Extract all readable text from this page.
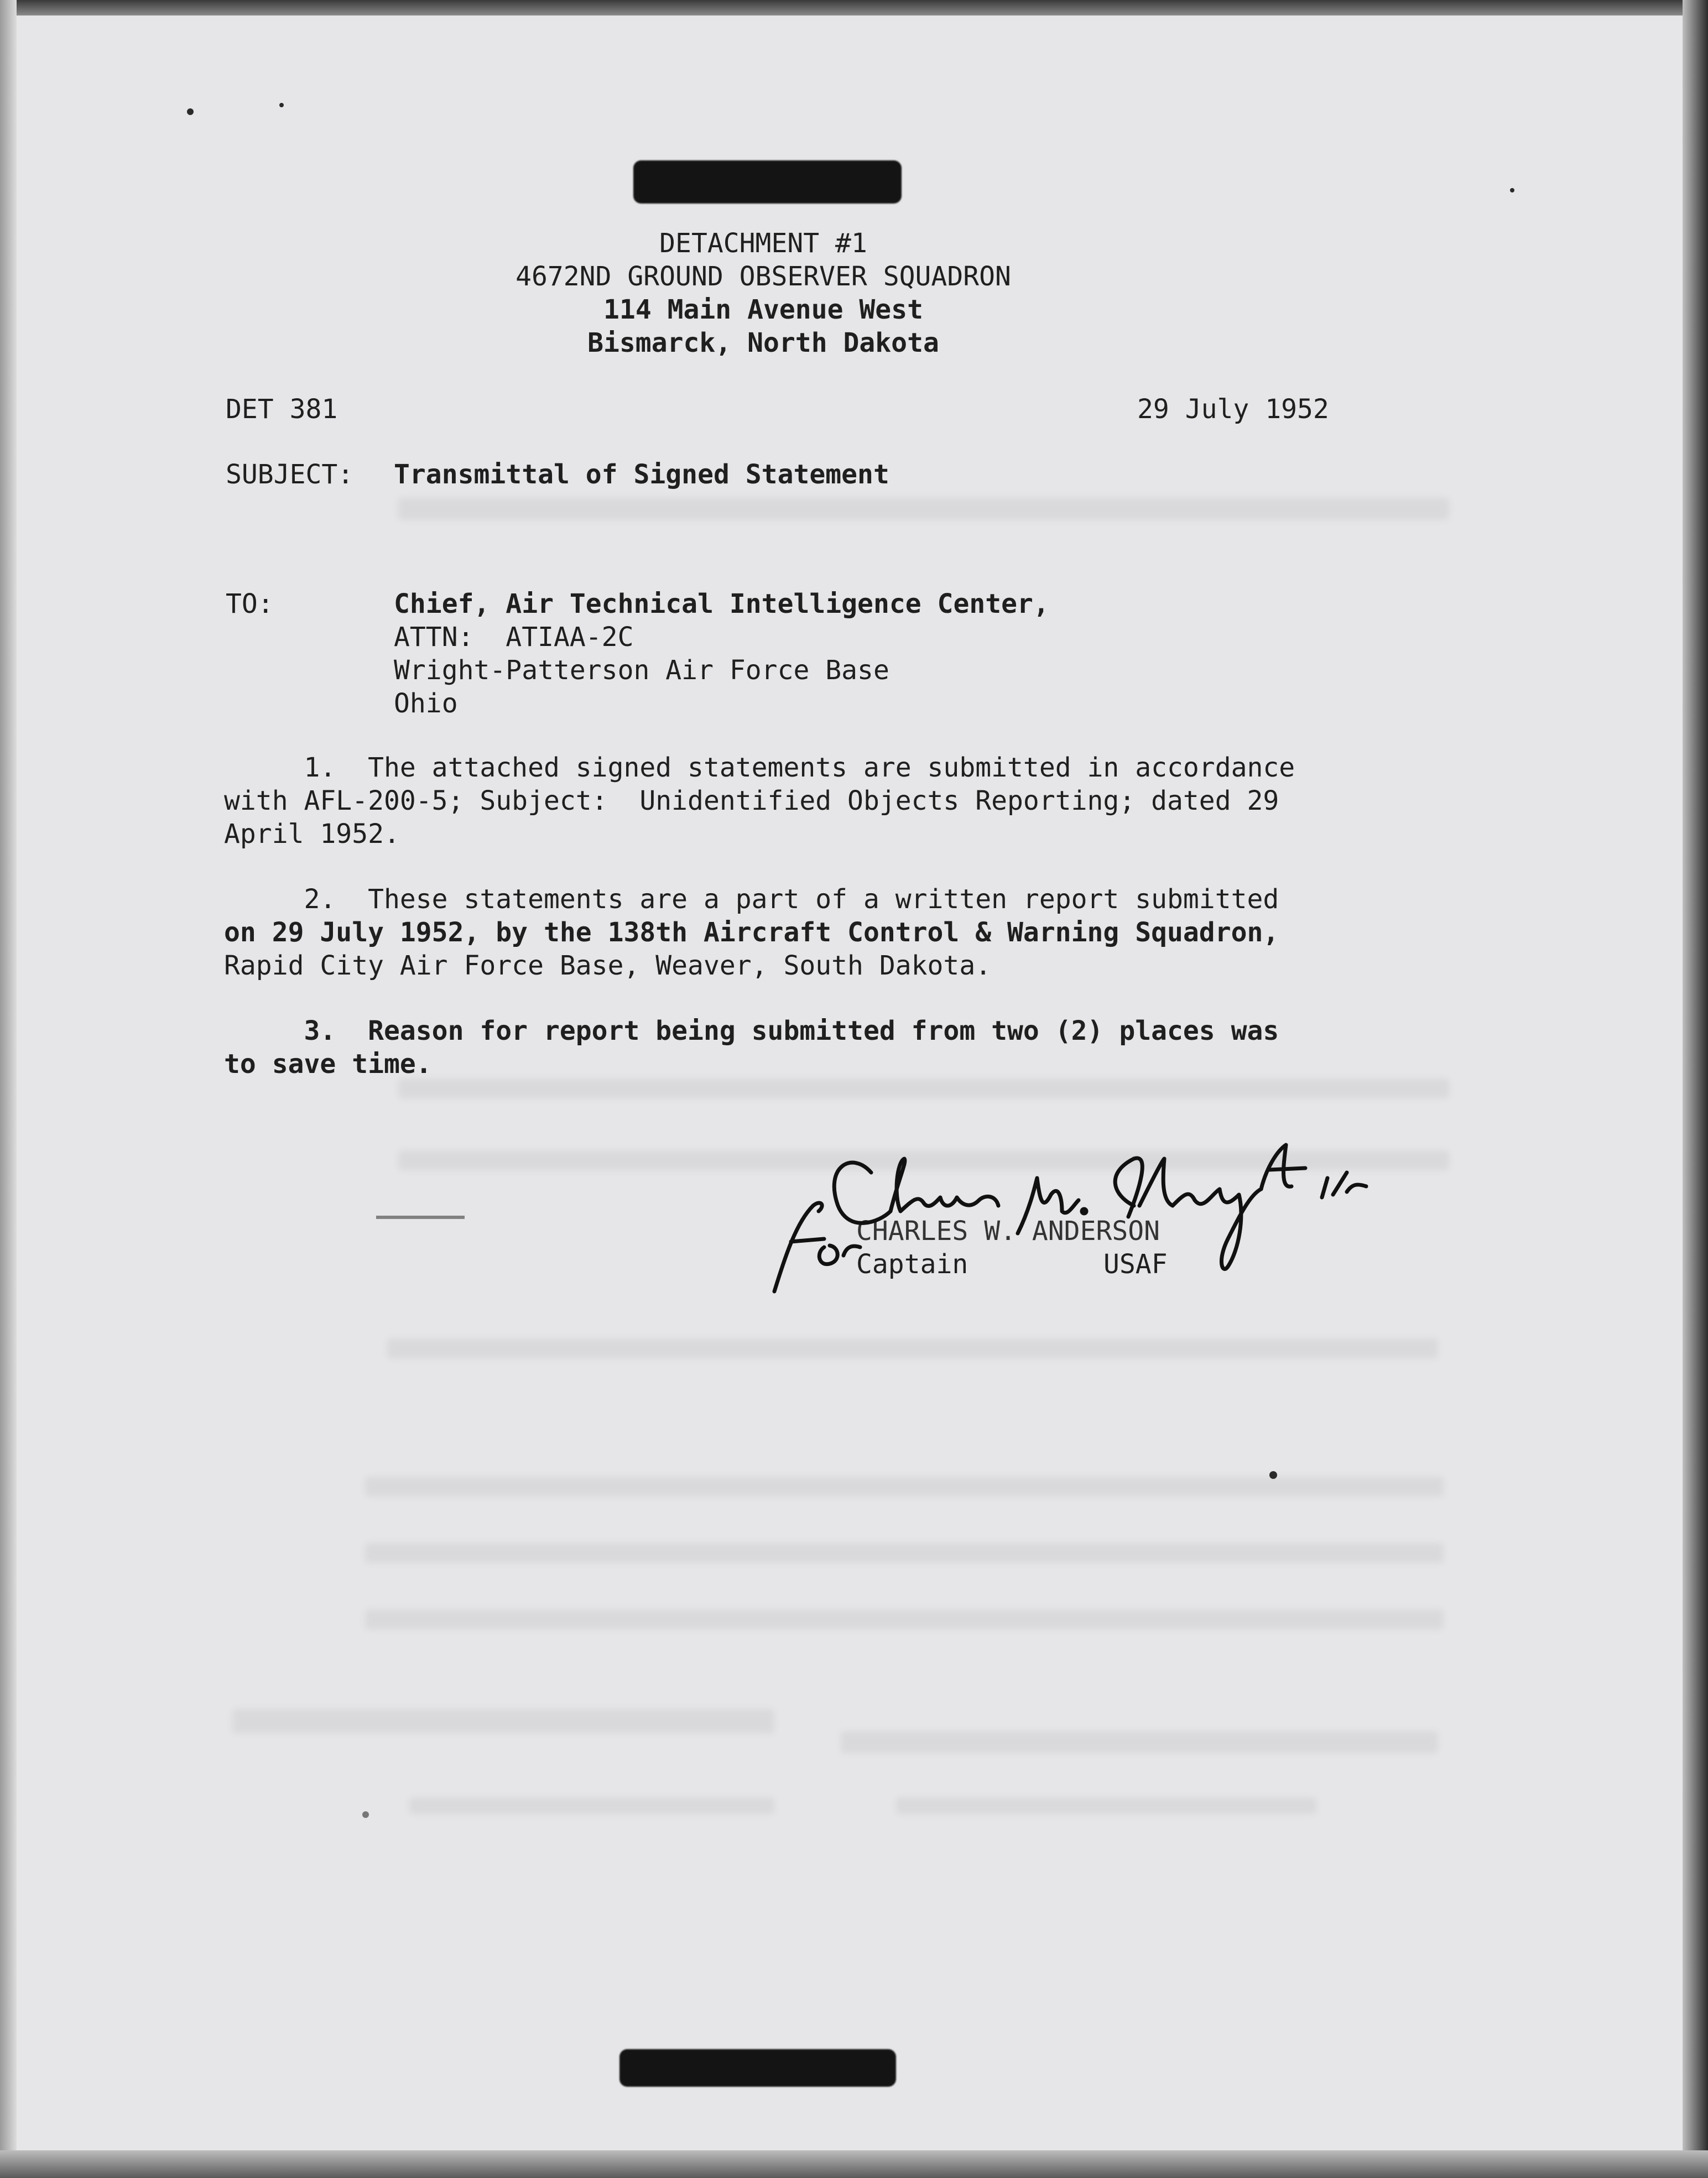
DETACHMENT #1
4672ND GROUND OBSERVER SQUADRON
114 Main Avenue West
Bismarck, North Dakota
DET 381	29 July 1952
SUBJECT: Transmittal of Signed Statement
TO:	Chief, Air Technical Intelligence Center,
ATTN:  ATIAA-2C
Wright-Patterson Air Force Base
Ohio
1.  The attached signed statements are submitted in accordance
with AFL-200-5; Subject:  Unidentified Objects Reporting; dated 29
April 1952.
2.  These statements are a part of a written report submitted
on 29 July 1952, by the 138th Aircraft Control & Warning Squadron,
Rapid City Air Force Base, Weaver, South Dakota.
3.  Reason for report being submitted from two (2) places was
to save time.
CHARLES W. ANDERSON
Captain	USAF
